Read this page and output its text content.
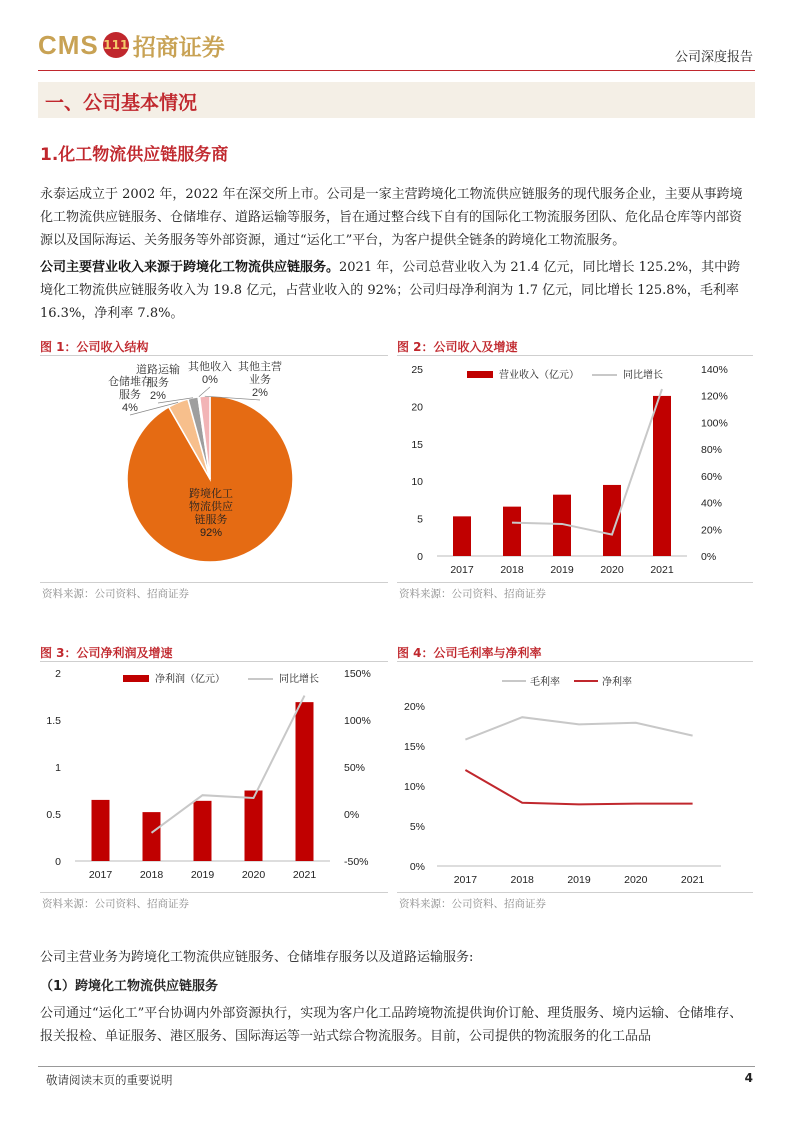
CMS 111 招商证券	公司深度报告
一、公司基本情况
1.化工物流供应链服务商

永泰运成立于 2002 年，2022 年在深交所上市。公司是一家主营跨境化工物流供应链服务的现代服务企业，主要从事跨境化工物流供应链服务、仓储堆存、道路运输等服务，旨在通过整合线下自有的国际化工物流服务团队、危化品仓库等内部资源以及国际海运、关务服务等外部资源，通过“运化工”平台，为客户提供全链条的跨境化工物流服务。

公司主要营业收入来源于跨境化工物流供应链服务。2021 年，公司总营业收入为 21.4 亿元，同比增长 125.2%，其中跨境化工物流供应链服务收入为 19.8 亿元，占营业收入的 92%；公司归母净利润为 1.7 亿元，同比增长 125.8%，毛利率 16.3%，净利率 7.8%。

图 1：公司收入结构
跨境化工
物流供应
链服务
92%
仓储堆存
服务
4%
道路运输
服务
2%
其他收入
0%
其他主营
业务
2%
资料来源：公司资料、招商证券
图 2：公司收入及增速
0
5
10
15
20
25
0%
20%
40%
60%
80%
100%
120%
140%
2017	2018	2019	2020	2021
营业收入（亿元）	同比增长
资料来源：公司资料、招商证券
图 3：公司净利润及增速
0
0.5
1
1.5
2
-50%
0%
50%
100%
150%
2017	2018	2019	2020	2021
净利润（亿元）	同比增长
资料来源：公司资料、招商证券
图 4：公司毛利率与净利率
0%
5%
10%
15%
20%
2017	2018	2019	2020	2021
毛利率	净利率
资料来源：公司资料、招商证券

公司主营业务为跨境化工物流供应链服务、仓储堆存服务以及道路运输服务:

（1）跨境化工物流供应链服务

公司通过“运化工”平台协调内外部资源执行，实现为客户化工品跨境物流提供询价订舱、理货服务、境内运输、仓储堆存、报关报检、单证服务、港区服务、国际海运等一站式综合物流服务。目前，公司提供的物流服务的化工品品

敬请阅读末页的重要说明	4
